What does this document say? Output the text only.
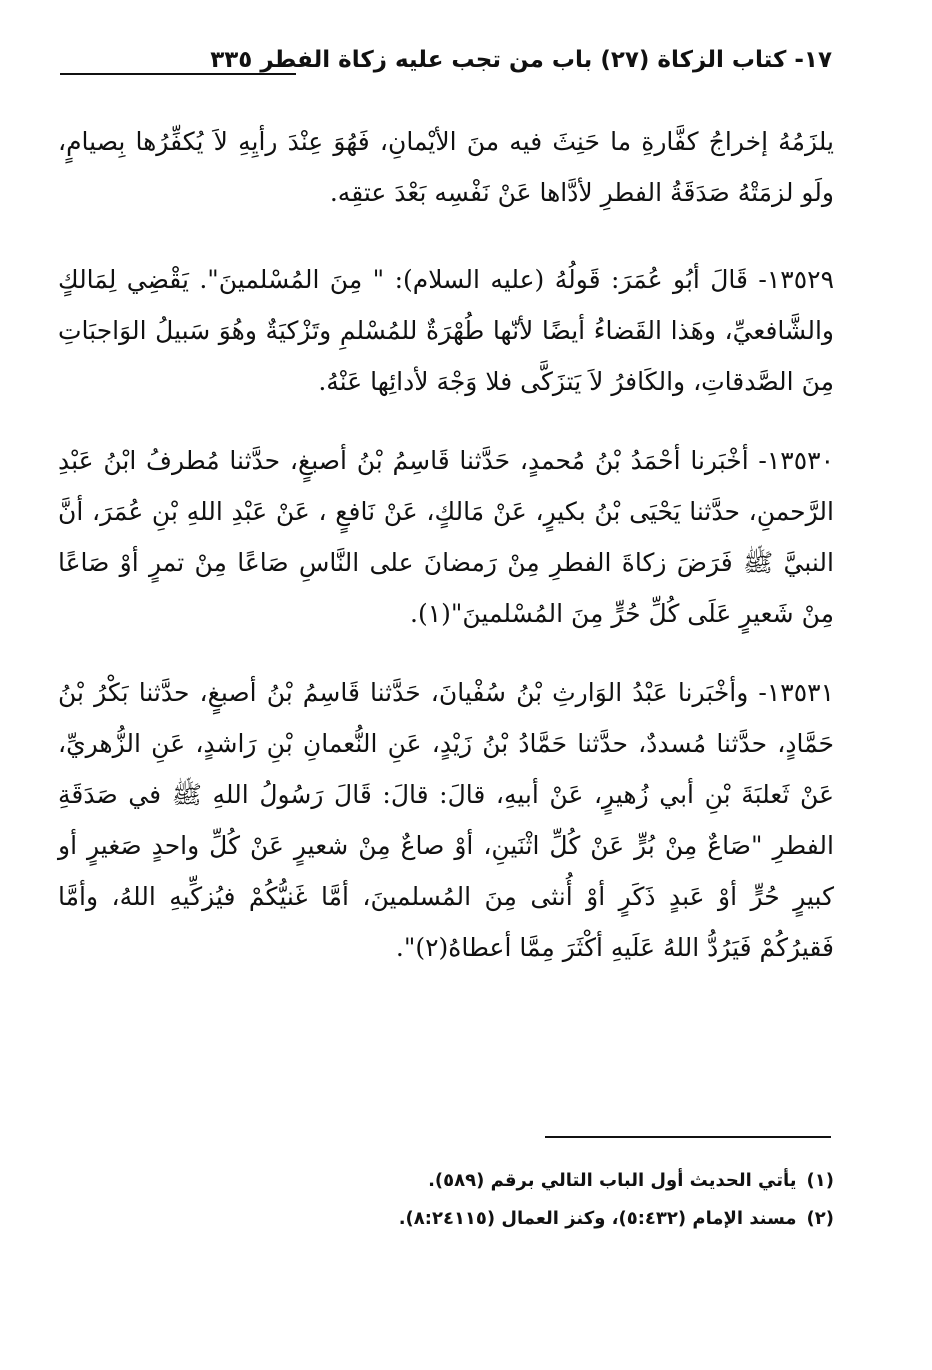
١٧- كتاب الزكاة (٢٧) باب من تجب عليه زكاة الفطر ٣٣٥

يلزَمُهُ إخراجُ كفَّارةِ ما حَنِثَ فيه منَ الأيْمانِ، فَهُوَ عِنْدَ رأيِهِ لاَ يُكفِّرُها بِصيامٍ، ولَو لزمَتْهُ صَدَقَةُ الفطرِ لأدَّاها عَنْ نَفْسِه بَعْدَ عتقِه.

١٣٥٢٩- قَالَ أبُو عُمَرَ: قَولُهُ (عليه السلام): " مِنَ المُسْلمينَ". يَقْضِي لِمَالكٍ والشَّافعيِّ، وهَذا القَضاءُ أيضًا لأنّها طُهْرَةٌ للمُسْلمِ وتَزْكيَةٌ وهُوَ سَبيلُ الوَاجبَاتِ مِنَ الصَّدقاتِ، والكَافرُ لاَ يَتزَكَّى فلا وَجْهَ لأدائِها عَنْهُ.

١٣٥٣٠- أخْبَرنا أحْمَدُ بْنُ مُحمدٍ، حَدَّثنا قَاسِمُ بْنُ أصبغٍ، حدَّثنا مُطرفُ ابْنُ عَبْدِ الرَّحمنِ، حدَّثنا يَحْيَى بْنُ بكيرٍ، عَنْ مَالكٍ، عَنْ نَافعٍ ، عَنْ عَبْدِ اللهِ بْنِ عُمَرَ، أنَّ النبيَّ ﷺ فَرَضَ زكاةَ الفطرِ مِنْ رَمضانَ على النَّاسِ صَاعًا مِنْ تمرٍ أوْ صَاعًا مِنْ شَعيرٍ عَلَى كُلِّ حُرٍّ مِنَ المُسْلمينَ"(١).

١٣٥٣١- وأخْبَرنا عَبْدُ الوَارثِ بْنُ سُفْيانَ، حَدَّثنا قَاسِمُ بْنُ أصبغٍ، حدَّثنا بَكْرُ بْنُ حَمَّادٍ، حدَّثنا مُسددٌ، حدَّثنا حَمَّادُ بْنُ زَيْدٍ، عَنِ النُّعمانِ بْنِ رَاشدٍ، عَنِ الزُّهريِّ، عَنْ ثَعلبَةَ بْنِ أبي زُهيرٍ، عَنْ أبيهِ، قالَ: قالَ: قَالَ رَسُولُ اللهِ ﷺ في صَدَقَةِ الفطرِ "صَاعٌ مِنْ بُرٍّ عَنْ كُلِّ اثْنَينِ، أوْ صاعٌ مِنْ شعيرٍ عَنْ كُلِّ واحدٍ صَغيرٍ أو كبيرٍ حُرٍّ أوْ عَبدٍ ذَكَرٍ أوْ أُنثى مِنَ المُسلمينَ، أمَّا غَنيُّكُمْ فيُزكِّيهِ اللهُ، وأمَّا فَقيرُكُمْ فَيَرُدُّ اللهُ عَلَيهِ أكْثَرَ مِمَّا أعطاهُ(٢)".

(١)يأتي الحديث أول الباب التالي برقم (٥٨٩).
(٢)مسند الإمام (٥:٤٣٢)، وكنز العمال (٨:٢٤١١٥).
